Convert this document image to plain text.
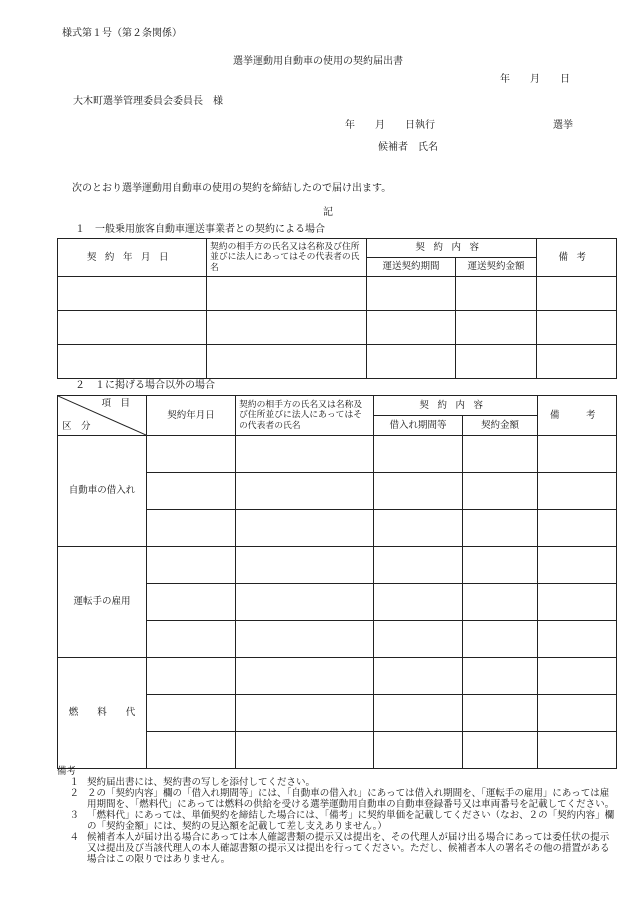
様式第１号（第２条関係）
選挙運動用自動車の使用の契約届出書
年　　月　　日
大木町選挙管理委員会委員長　様
年　　月　　日執行	選挙
候補者　氏名
次のとおり選挙運動用自動車の使用の契約を締結したので届け出ます。
記
１　一般乗用旅客自動車運送事業者との契約による場合
契約年月日	契約の相手方の氏名又は名称及び住所並びに法人にあってはその代表者の氏名	契約内容		備考
		運送契約期間	運送契約金額	

２　１に掲げる場合以外の場合
項　目
区　分	契約年月日	契約の相手方の氏名又は名称及び住所並びに法人にあってはその代表者の氏名	契約内容		備　考
			借入れ期間等	契約金額	
自動車の借入れ					

運転手の雇用					

燃　　料　　代					

備考
１ 契約届出書には、契約書の写しを添付してください。
２ ２の「契約内容」欄の「借入れ期間等」には、「自動車の借入れ」にあっては借入れ期間を、「運転手の雇用」にあっては雇用期間を、「燃料代」にあっては燃料の供給を受ける選挙運動用自動車の自動車登録番号又は車両番号を記載してください。
３ 「燃料代」にあっては、単価契約を締結した場合には、「備考」に契約単価を記載してください（なお、２の「契約内容」欄の「契約金額」には、契約の見込額を記載して差し支えありません。）
４ 候補者本人が届け出る場合にあっては本人確認書類の提示又は提出を、その代理人が届け出る場合にあっては委任状の提示又は提出及び当該代理人の本人確認書類の提示又は提出を行ってください。ただし、候補者本人の署名その他の措置がある場合はこの限りではありません。
